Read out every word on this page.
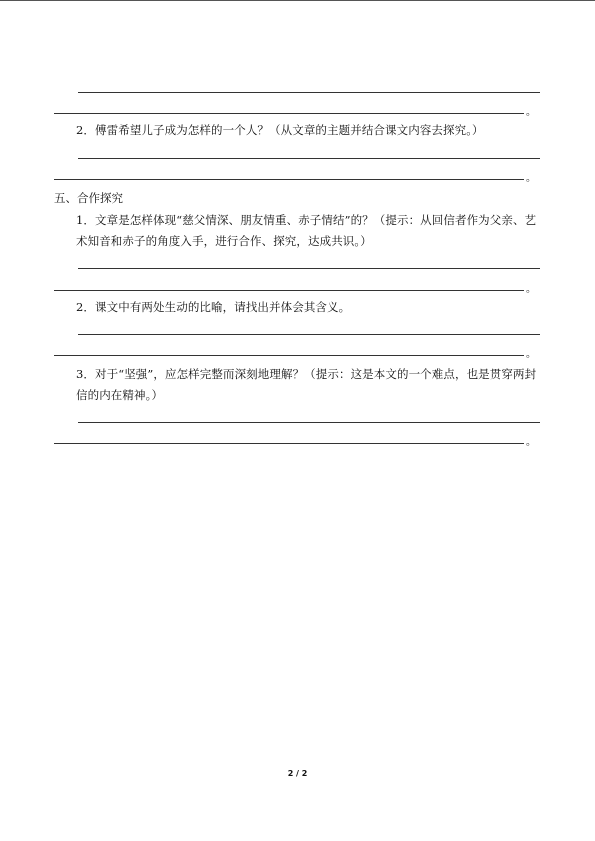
。
2．傅雷希望儿子成为怎样的一个人？（从文章的主题并结合课文内容去探究。）
。
五、合作探究
1．文章是怎样体现“慈父情深、朋友情重、赤子情结”的？（提示：从回信者作为父亲、艺术知音和赤子的角度入手，进行合作、探究，达成共识。）
。
2．课文中有两处生动的比喻，请找出并体会其含义。
。
3．对于“坚强”，应怎样完整而深刻地理解？（提示：这是本文的一个难点，也是贯穿两封信的内在精神。）
。
2 / 2
